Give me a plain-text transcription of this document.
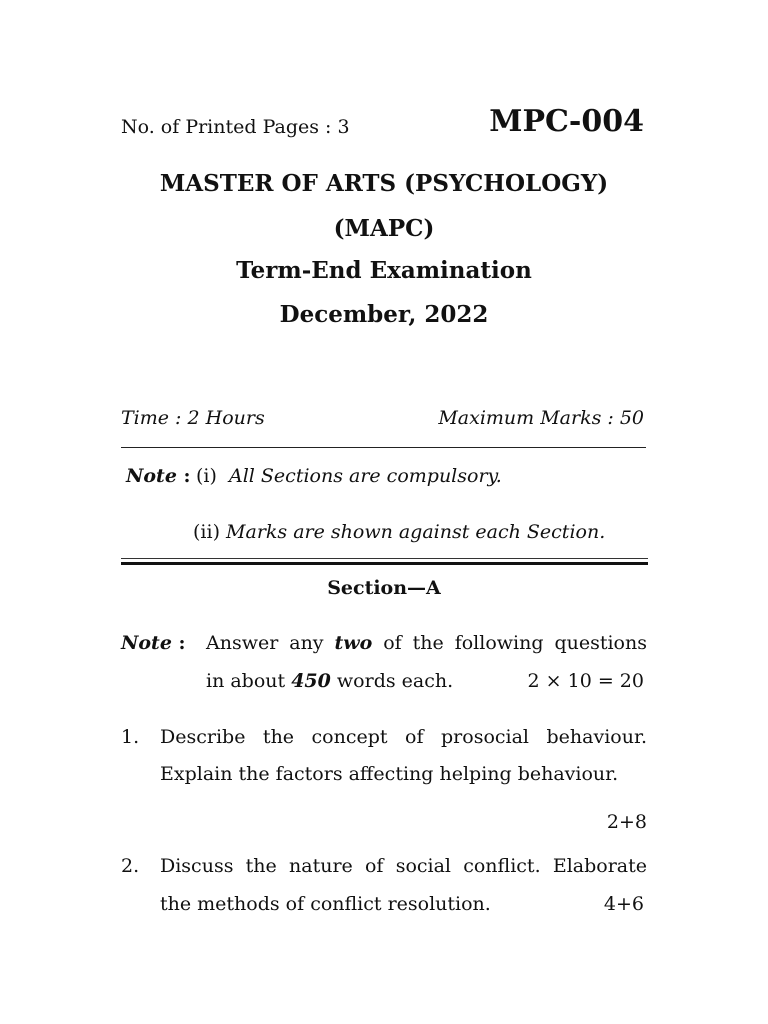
No. of Printed Pages : 3	MPC-004
MASTER OF ARTS (PSYCHOLOGY)
(MAPC)
Term-End Examination
December, 2022
Time : 2 Hours	Maximum Marks : 50
Note : (i) All Sections are compulsory.
(ii) Marks are shown against each Section.
Section—A
Note : Answer any two of the following questions
in about 450 words each.	2 × 10 = 20
1. Describe the concept of prosocial behaviour.
Explain the factors affecting helping behaviour.
2+8
2. Discuss the nature of social conflict. Elaborate
the methods of conflict resolution.	4+6
